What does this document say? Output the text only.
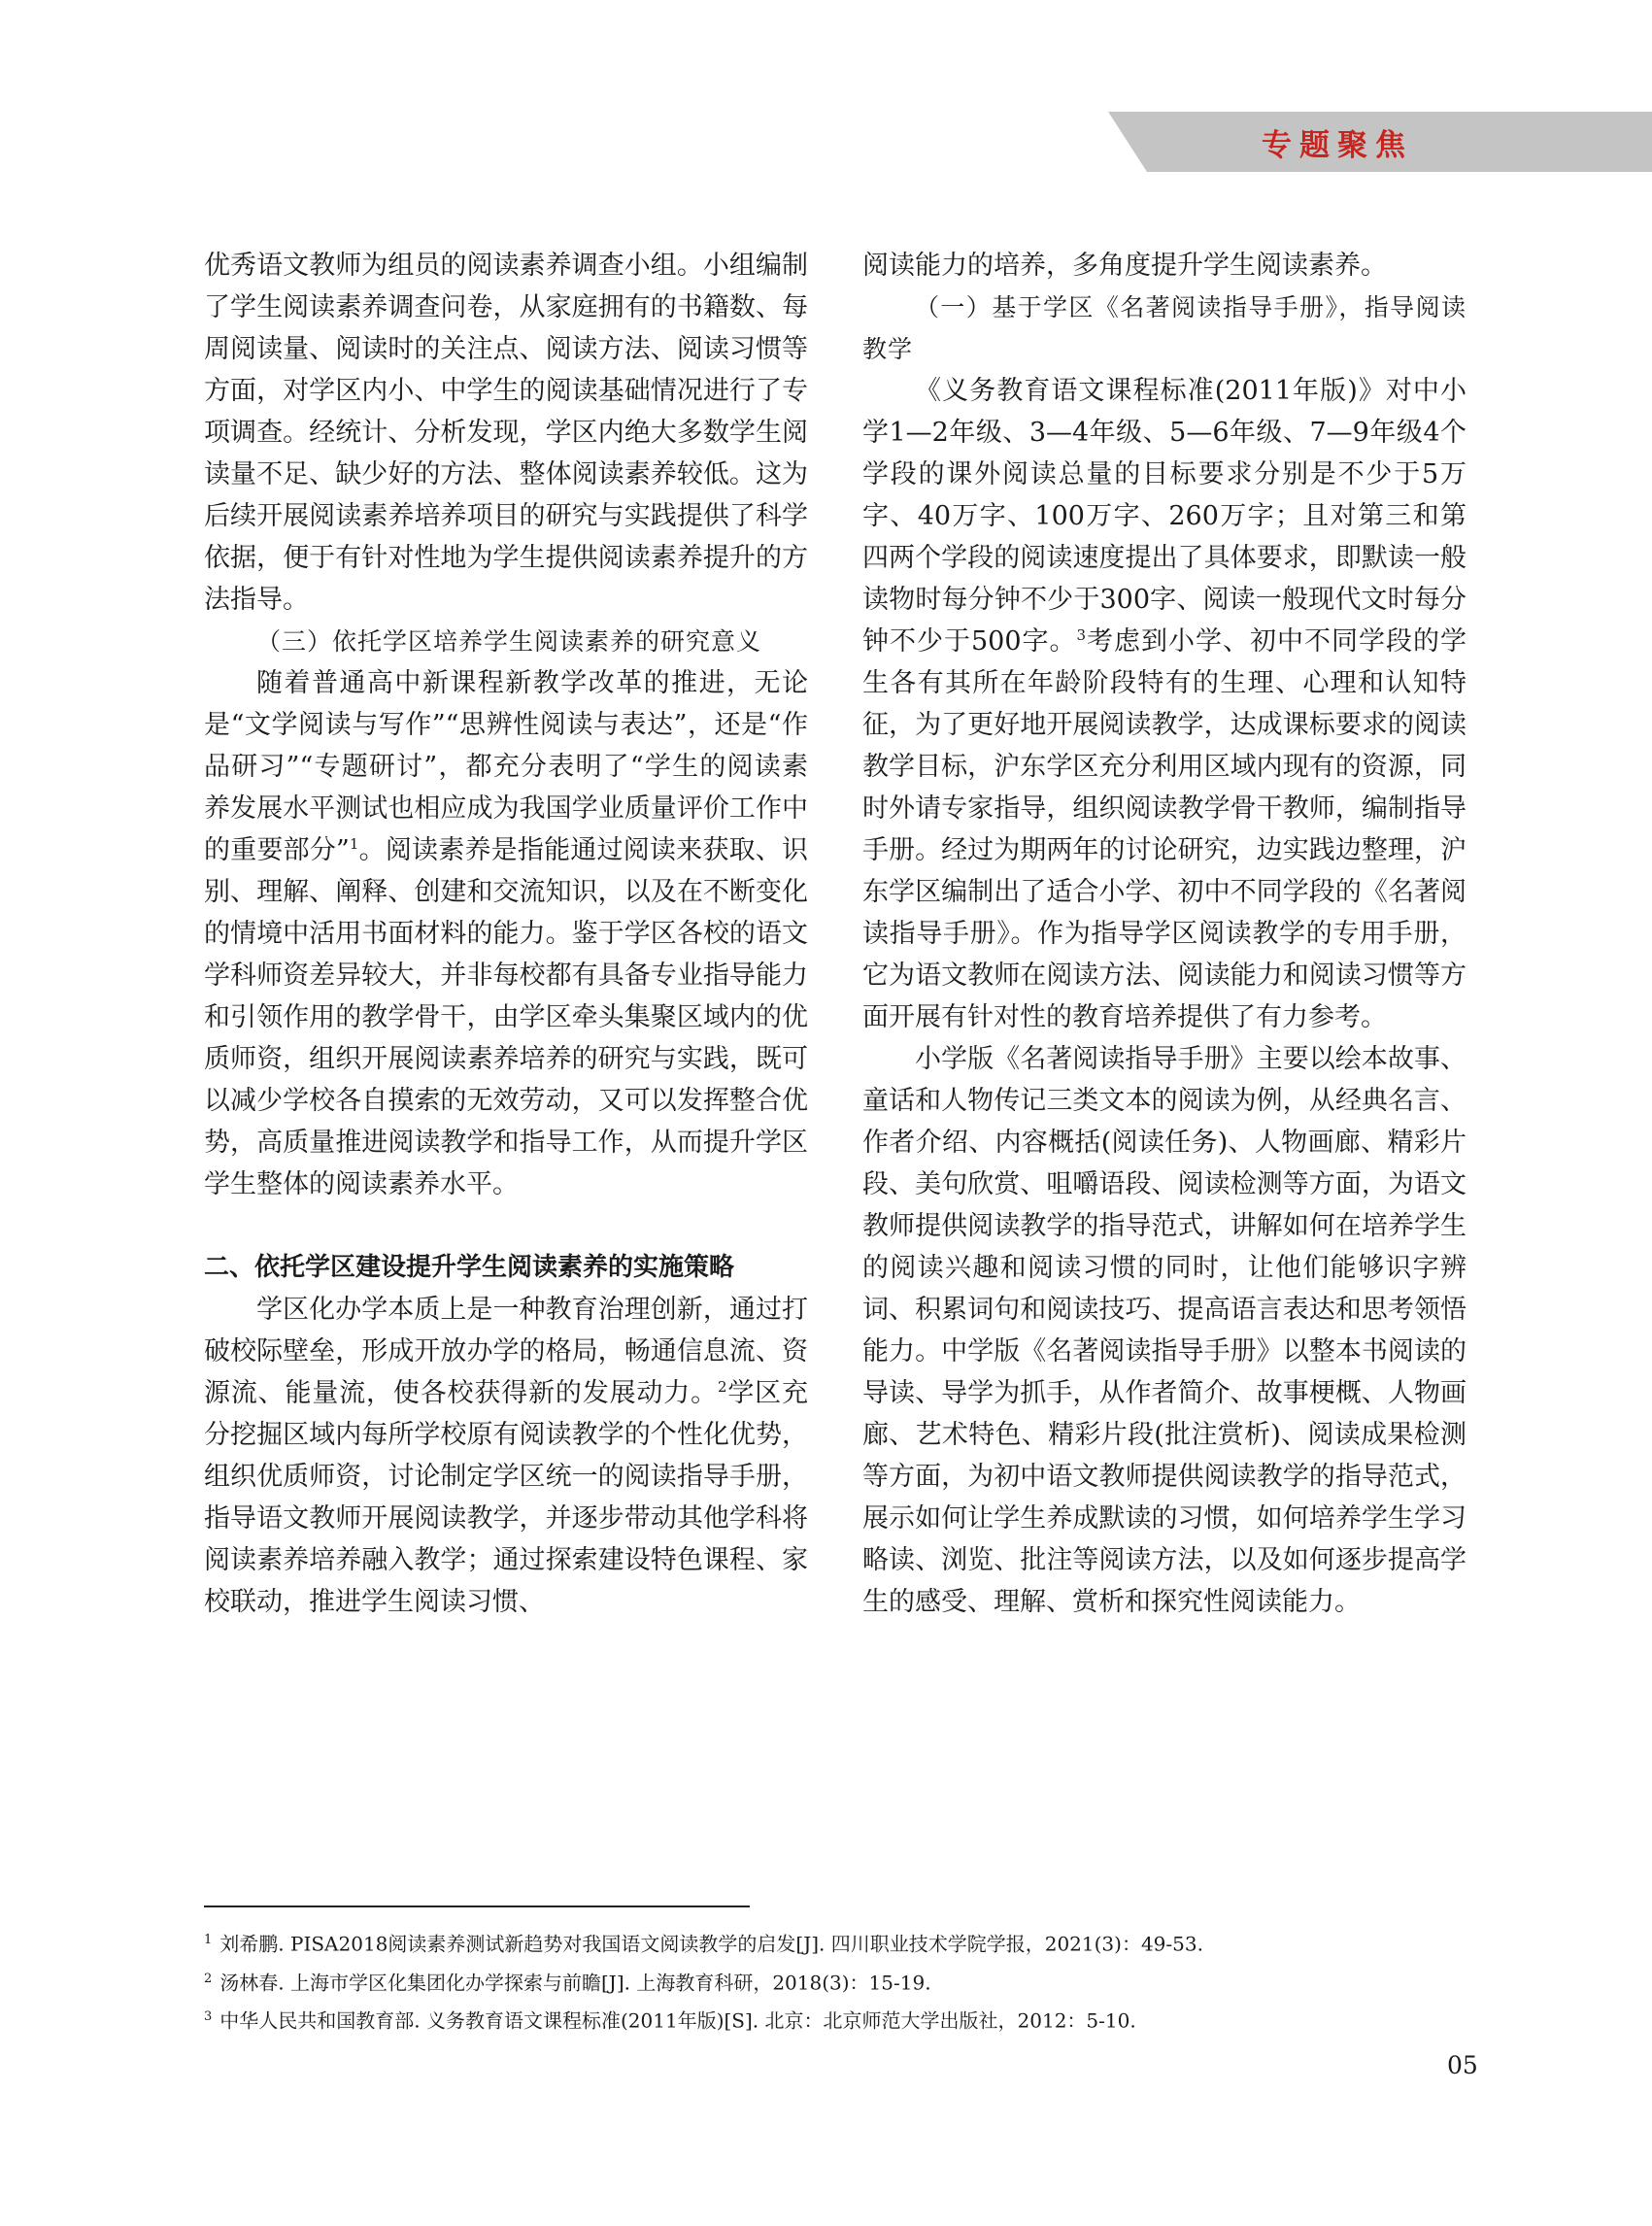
专题聚焦

优秀语文教师为组员的阅读素养调查小组。小组编制了学生阅读素养调查问卷，从家庭拥有的书籍数、每周阅读量、阅读时的关注点、阅读方法、阅读习惯等方面，对学区内小、中学生的阅读基础情况进行了专项调查。经统计、分析发现，学区内绝大多数学生阅读量不足、缺少好的方法、整体阅读素养较低。这为后续开展阅读素养培养项目的研究与实践提供了科学依据，便于有针对性地为学生提供阅读素养提升的方法指导。

（三）依托学区培养学生阅读素养的研究意义

随着普通高中新课程新教学改革的推进，无论是“文学阅读与写作”“思辨性阅读与表达”，还是“作品研习”“专题研讨”，都充分表明了“学生的阅读素养发展水平测试也相应成为我国学业质量评价工作中的重要部分”$^1$。阅读素养是指能通过阅读来获取、识别、理解、阐释、创建和交流知识，以及在不断变化的情境中活用书面材料的能力。鉴于学区各校的语文学科师资差异较大，并非每校都有具备专业指导能力和引领作用的教学骨干，由学区牵头集聚区域内的优质师资，组织开展阅读素养培养的研究与实践，既可以减少学校各自摸索的无效劳动，又可以发挥整合优势，高质量推进阅读教学和指导工作，从而提升学区学生整体的阅读素养水平。

二、依托学区建设提升学生阅读素养的实施策略

学区化办学本质上是一种教育治理创新，通过打破校际壁垒，形成开放办学的格局，畅通信息流、资源流、能量流，使各校获得新的发展动力。$^2$学区充分挖掘区域内每所学校原有阅读教学的个性化优势，组织优质师资，讨论制定学区统一的阅读指导手册，指导语文教师开展阅读教学，并逐步带动其他学科将阅读素养培养融入教学；通过探索建设特色课程、家校联动，推进学生阅读习惯、

阅读能力的培养，多角度提升学生阅读素养。

（一）基于学区《名著阅读指导手册》，指导阅读教学

《义务教育语文课程标准(2011年版)》对中小学1—2年级、3—4年级、5—6年级、7—9年级4个学段的课外阅读总量的目标要求分别是不少于5万字、40万字、100万字、260万字；且对第三和第四两个学段的阅读速度提出了具体要求，即默读一般读物时每分钟不少于300字、阅读一般现代文时每分钟不少于500字。$^3$考虑到小学、初中不同学段的学生各有其所在年龄阶段特有的生理、心理和认知特征，为了更好地开展阅读教学，达成课标要求的阅读教学目标，沪东学区充分利用区域内现有的资源，同时外请专家指导，组织阅读教学骨干教师，编制指导手册。经过为期两年的讨论研究，边实践边整理，沪东学区编制出了适合小学、初中不同学段的《名著阅读指导手册》。作为指导学区阅读教学的专用手册，它为语文教师在阅读方法、阅读能力和阅读习惯等方面开展有针对性的教育培养提供了有力参考。

小学版《名著阅读指导手册》主要以绘本故事、童话和人物传记三类文本的阅读为例，从经典名言、作者介绍、内容概括(阅读任务)、人物画廊、精彩片段、美句欣赏、咀嚼语段、阅读检测等方面，为语文教师提供阅读教学的指导范式，讲解如何在培养学生的阅读兴趣和阅读习惯的同时，让他们能够识字辨词、积累词句和阅读技巧、提高语言表达和思考领悟能力。中学版《名著阅读指导手册》以整本书阅读的导读、导学为抓手，从作者简介、故事梗概、人物画廊、艺术特色、精彩片段(批注赏析)、阅读成果检测等方面，为初中语文教师提供阅读教学的指导范式，展示如何让学生养成默读的习惯，如何培养学生学习略读、浏览、批注等阅读方法，以及如何逐步提高学生的感受、理解、赏析和探究性阅读能力。

$^1$ 刘希鹏. PISA2018阅读素养测试新趋势对我国语文阅读教学的启发[J]. 四川职业技术学院学报，2021(3)：49-53.
$^2$ 汤林春. 上海市学区化集团化办学探索与前瞻[J]. 上海教育科研，2018(3)：15-19.
$^3$ 中华人民共和国教育部. 义务教育语文课程标准(2011年版)[S]. 北京：北京师范大学出版社，2012：5-10.
05
